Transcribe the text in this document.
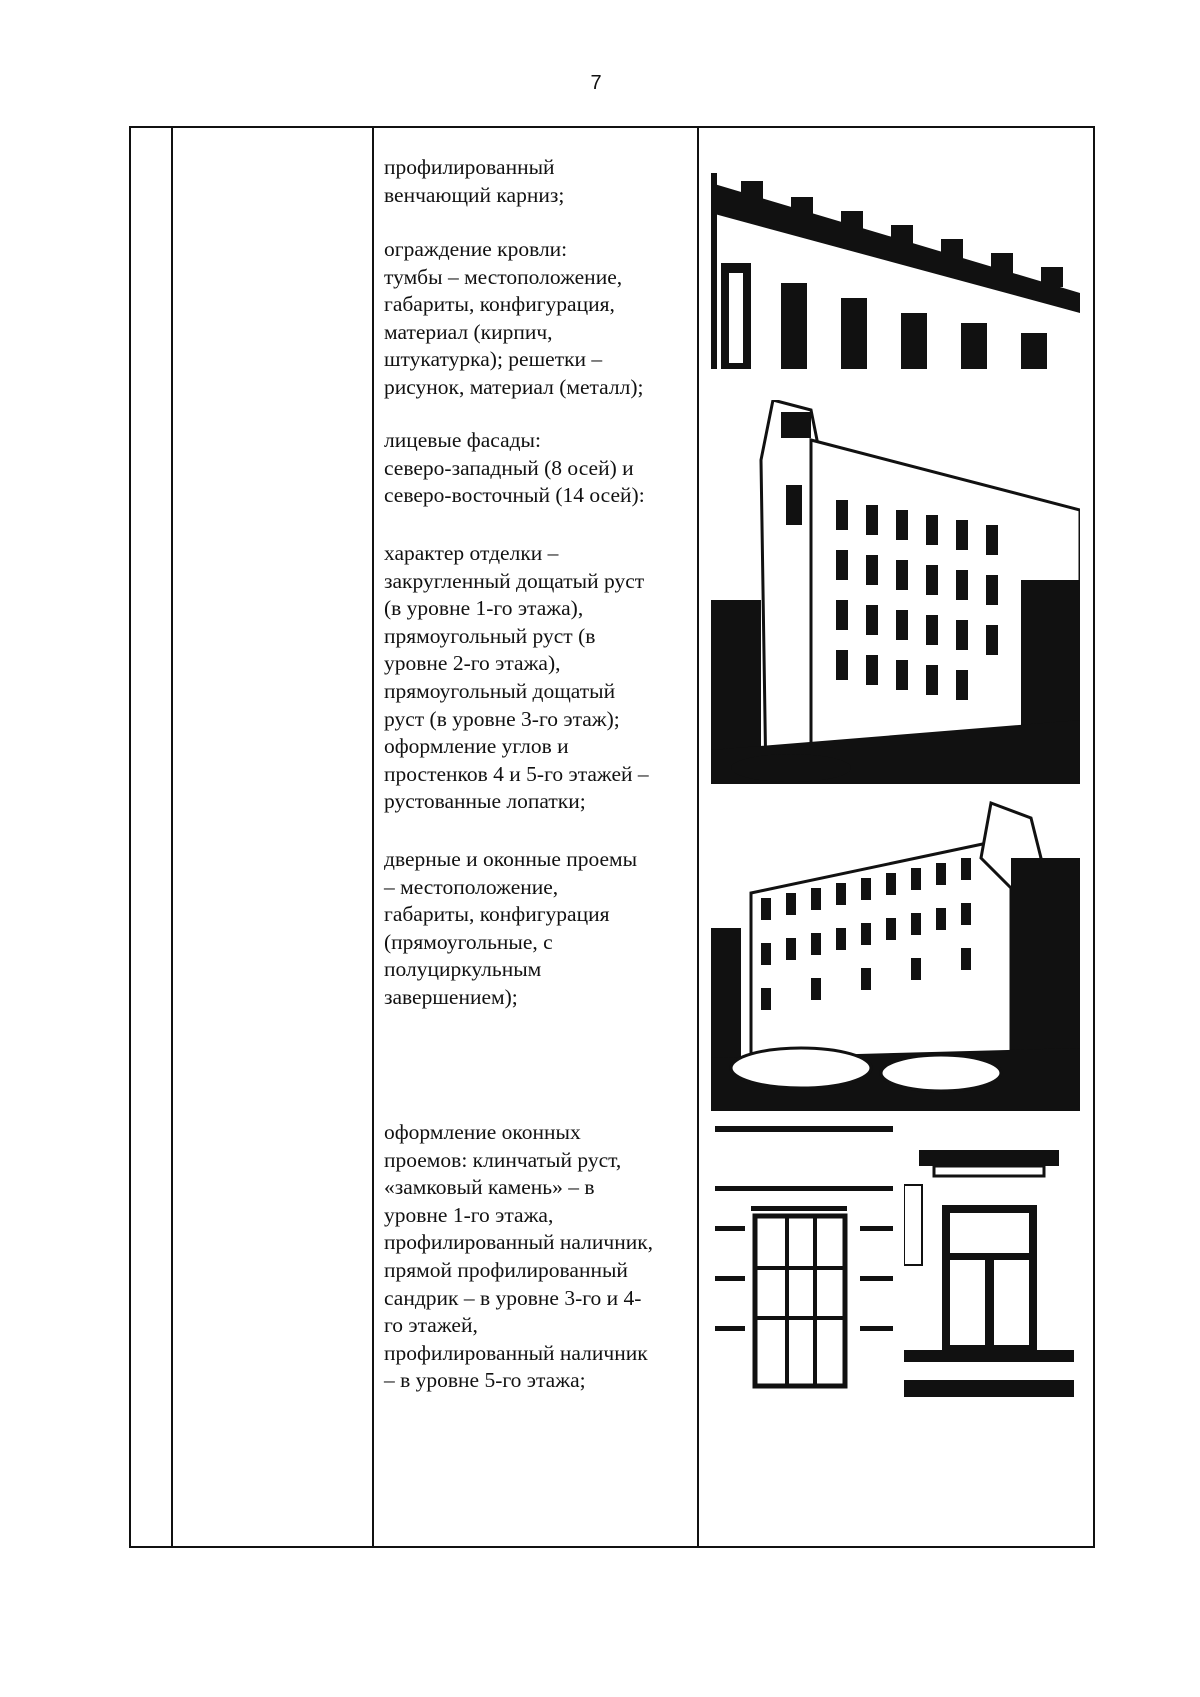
7
профилированный
венчающий карниз;
ограждение кровли:
тумбы – местоположение,
габариты, конфигурация,
материал (кирпич,
штукатурка); решетки –
рисунок, материал (металл);
лицевые фасады:
северо-западный (8 осей) и
северо-восточный (14 осей):
характер отделки –
закругленный дощатый руст
(в уровне 1-го этажа),
прямоугольный руст (в
уровне 2-го этажа),
прямоугольный дощатый
руст (в уровне 3-го этаж);
оформление углов и
простенков 4 и 5-го этажей –
рустованные лопатки;
дверные и оконные проемы
– местоположение,
габариты, конфигурация
(прямоугольные, с
полуциркульным
завершением);
оформление оконных
проемов: клинчатый руст,
«замковый камень» – в
уровне 1-го этажа,
профилированный наличник,
прямой профилированный
сандрик – в уровне 3-го и 4-
го этажей,
профилированный наличник
– в уровне 5-го этажа;
